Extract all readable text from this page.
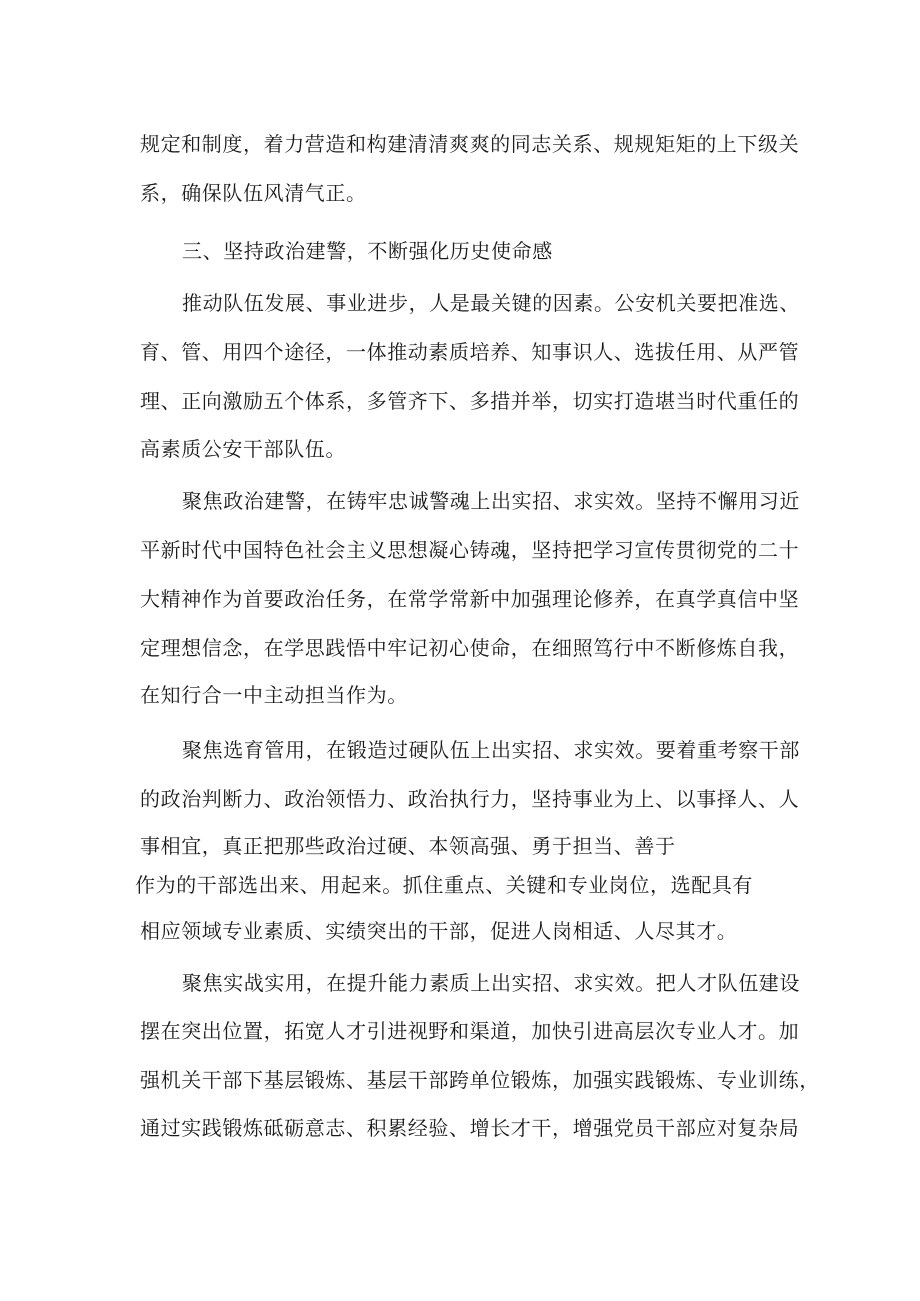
规定和制度，着力营造和构建清清爽爽的同志关系、规规矩矩的上下级关
系，确保队伍风清气正。
三、坚持政治建警，不断强化历史使命感
推动队伍发展、事业进步，人是最关键的因素。公安机关要把准选、
育、管、用四个途径，一体推动素质培养、知事识人、选拔任用、从严管
理、正向激励五个体系，多管齐下、多措并举，切实打造堪当时代重任的
高素质公安干部队伍。
聚焦政治建警，在铸牢忠诚警魂上出实招、求实效。坚持不懈用习近
平新时代中国特色社会主义思想凝心铸魂，坚持把学习宣传贯彻党的二十
大精神作为首要政治任务，在常学常新中加强理论修养，在真学真信中坚
定理想信念，在学思践悟中牢记初心使命，在细照笃行中不断修炼自我，
在知行合一中主动担当作为。
聚焦选育管用，在锻造过硬队伍上出实招、求实效。要着重考察干部
的政治判断力、政治领悟力、政治执行力，坚持事业为上、以事择人、人
事相宜，真正把那些政治过硬、本领高强、勇于担当、善于
作为的干部选出来、用起来。抓住重点、关键和专业岗位，选配具有
相应领域专业素质、实绩突出的干部，促进人岗相适、人尽其才。
聚焦实战实用，在提升能力素质上出实招、求实效。把人才队伍建设
摆在突出位置，拓宽人才引进视野和渠道，加快引进高层次专业人才。加
强机关干部下基层锻炼、基层干部跨单位锻炼，加强实践锻炼、专业训练，
通过实践锻炼砥砺意志、积累经验、增长才干，增强党员干部应对复杂局
